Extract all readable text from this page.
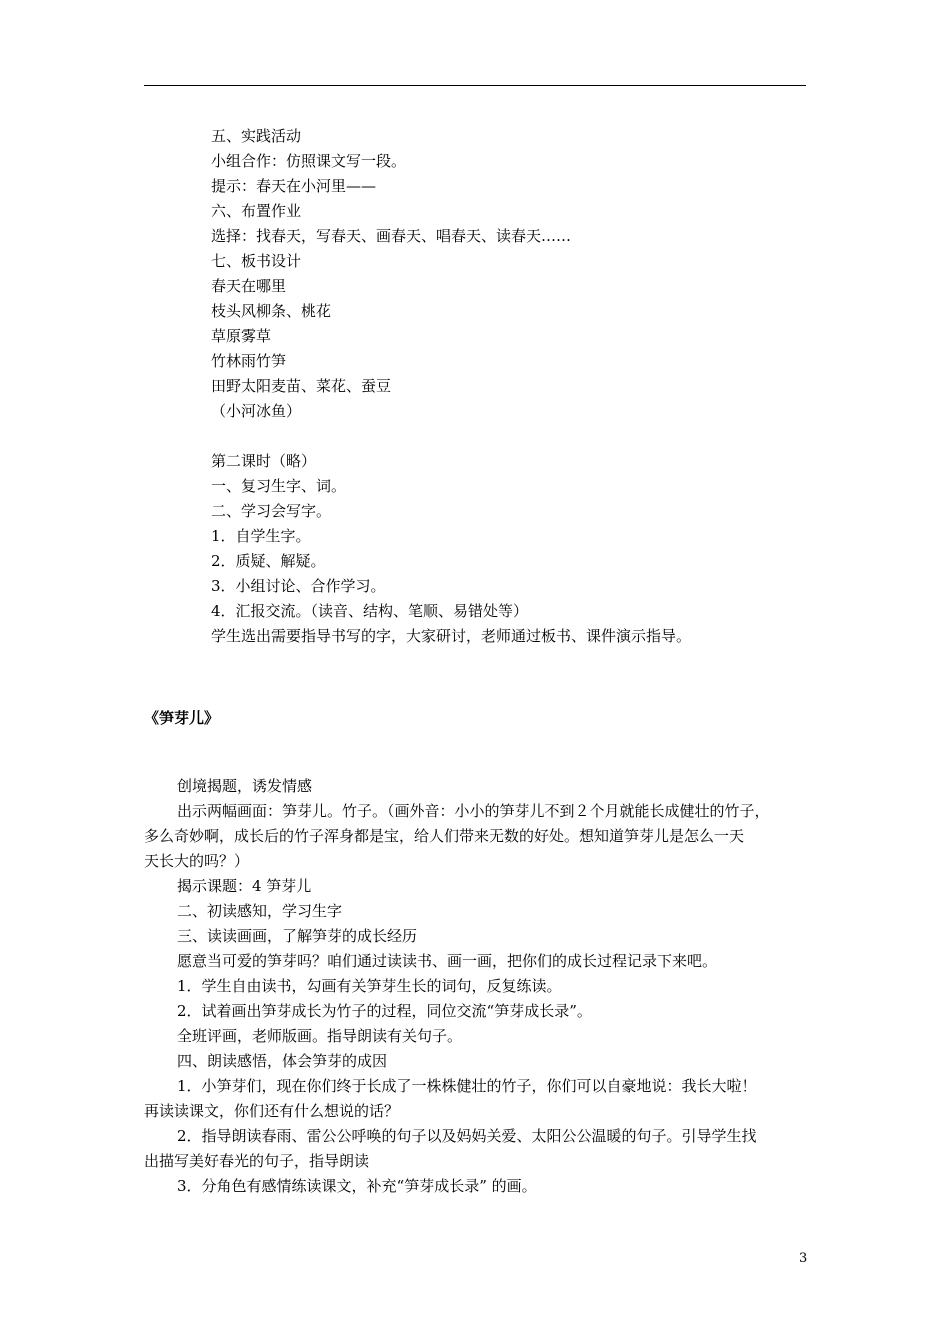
五、实践活动
小组合作：仿照课文写一段。
提示：春天在小河里——
六、布置作业
选择：找春天，写春天、画春天、唱春天、读春天……
七、板书设计
春天在哪里
枝头风柳条、桃花
草原雾草
竹林雨竹笋
田野太阳麦苗、菜花、蚕豆
（小河冰鱼）
第二课时（略）
一、复习生字、词。
二、学习会写字。
1．自学生字。
2．质疑、解疑。
3．小组讨论、合作学习。
4．汇报交流。（读音、结构、笔顺、易错处等）
学生选出需要指导书写的字，大家研讨，老师通过板书、课件演示指导。
《笋芽儿》
创境揭题，诱发情感
出示两幅画面：笋芽儿。竹子。（画外音：小小的笋芽儿不到２个月就能长成健壮的竹子，
多么奇妙啊，成长后的竹子浑身都是宝，给人们带来无数的好处。想知道笋芽儿是怎么一天
天长大的吗？）
揭示课题：4 笋芽儿
二、初读感知，学习生字
三、读读画画，了解笋芽的成长经历
愿意当可爱的笋芽吗？咱们通过读读书、画一画，把你们的成长过程记录下来吧。
1．学生自由读书，勾画有关笋芽生长的词句，反复练读。
2．试着画出笋芽成长为竹子的过程，同位交流“笋芽成长录”。
全班评画，老师版画。指导朗读有关句子。
四、朗读感悟，体会笋芽的成因
1．小笋芽们，现在你们终于长成了一株株健壮的竹子，你们可以自豪地说：我长大啦！
再读读课文，你们还有什么想说的话？
2．指导朗读春雨、雷公公呼唤的句子以及妈妈关爱、太阳公公温暖的句子。引导学生找
出描写美好春光的句子，指导朗读
3．分角色有感情练读课文，补充“笋芽成长录” 的画。
3
